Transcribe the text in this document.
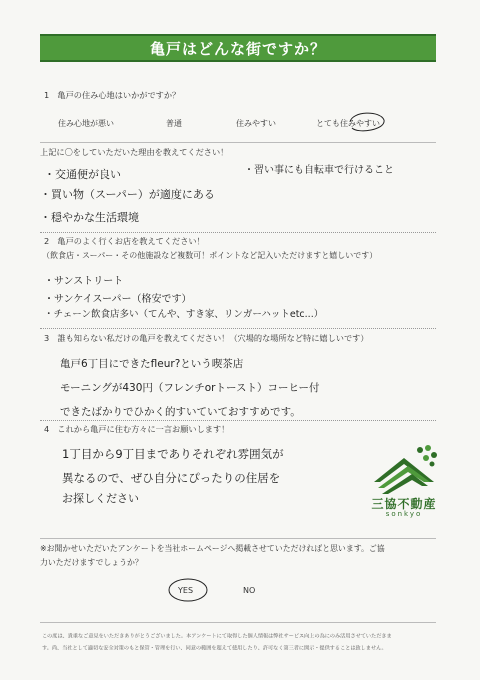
亀戸はどんな街ですか？
1　亀戸の住み心地はいかがですか？
住み心地が悪い	普通	住みやすい	とても住みやすい
上記に〇をしていただいた理由を教えてください！
・交通便が良い
・買い物（スーパー）が適度にある
・穏やかな生活環境
・習い事にも自転車で行けること
2　亀戸のよく行くお店を教えてください！
（飲食店・スーパー・その他施設など複数可！ポイントなど記入いただけますと嬉しいです）
・サンストリート
・サンケイスーパー（格安です）
・チェーン飲食店多い（てんや、すき家、リンガーハットetc...）
3　誰も知らない私だけの亀戸を教えてください！（穴場的な場所など特に嬉しいです）
亀戸6丁目にできたfleur?という喫茶店
モーニングが430円（フレンチorトースト）コーヒー付
できたばかりでひかく的すいていておすすめです。
4　これから亀戸に住む方々に一言お願いします！
1丁目から9丁目までありそれぞれ雰囲気が
異なるので、ぜひ自分にぴったりの住居を
お探しください	三協不動産
sonkyo
※お聞かせいただいたアンケートを当社ホームページへ掲載させていただければと思います。ご協
力いただけますでしょうか？
YES	NO
この度は、貴重なご意見をいただきありがとうございました。本アンケートにて取得した個人情報は弊社サービス向上の為にのみ活用させていただきま
す。尚、当社として適切な安全対策のもと保管・管理を行い、同意の範囲を超えて使用したり、許可なく第三者に開示・提供することは致しません。
